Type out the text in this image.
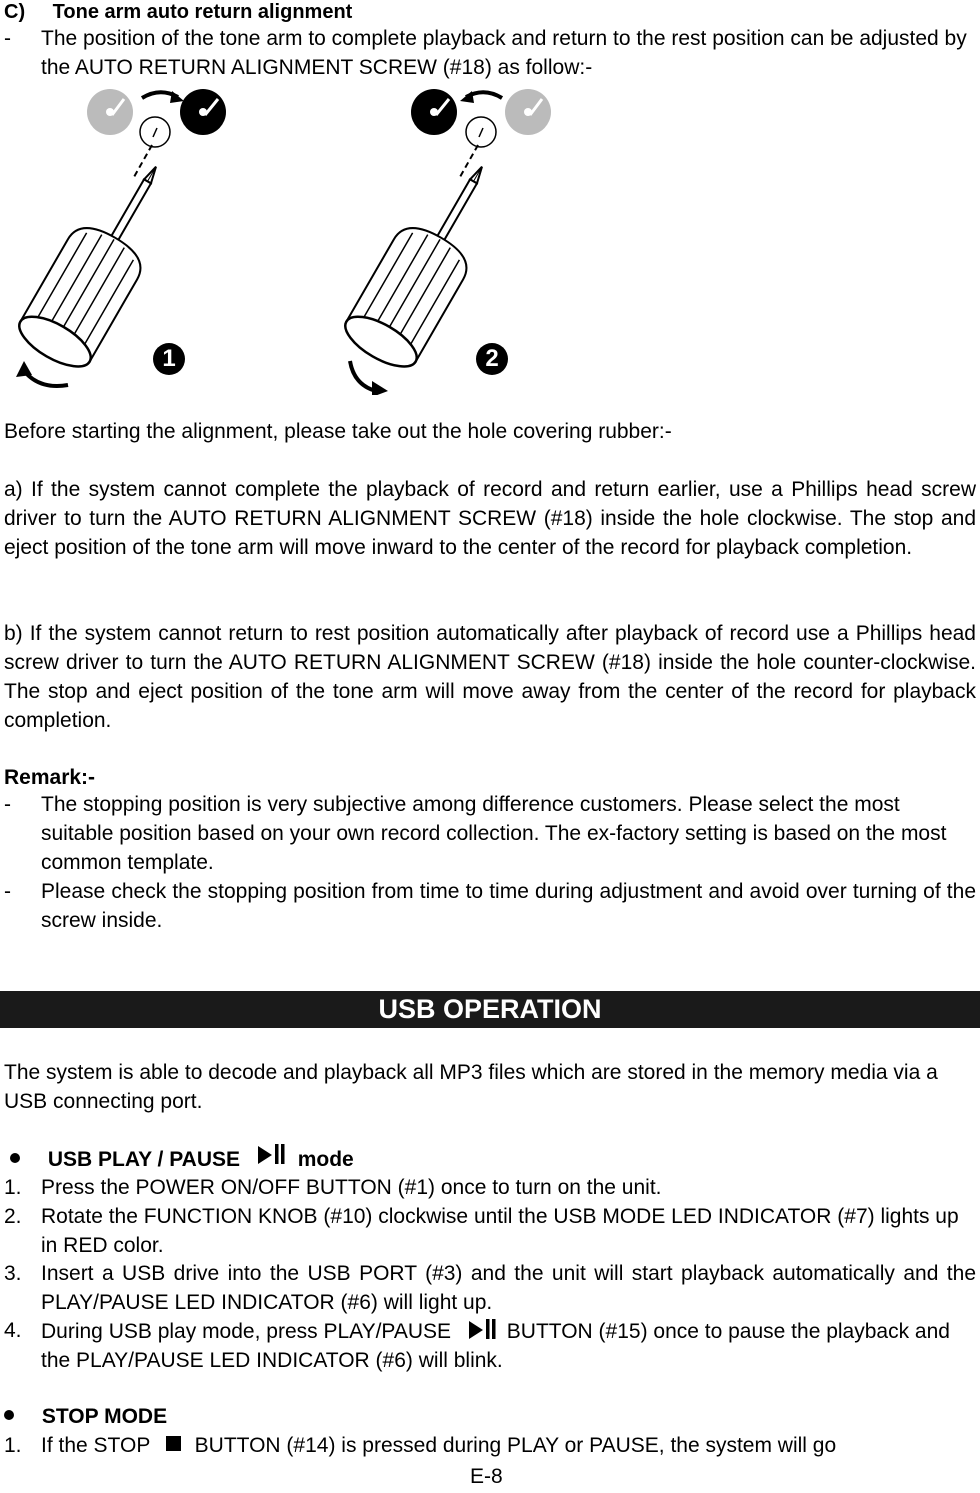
C) Tone arm auto return alignment
-	The position of the tone arm to complete playback and return to the rest position can be adjusted by the AUTO RETURN ALIGNMENT SCREW (#18) as follow:-
1	2

Before starting the alignment, please take out the hole covering rubber:-

a) If the system cannot complete the playback of record and return earlier, use a Phillips head screw driver to turn the AUTO RETURN ALIGNMENT SCREW (#18) inside the hole clockwise. The stop and eject position of the tone arm will move inward to the center of the record for playback completion.

b) If the system cannot return to rest position automatically after playback of record use a Phillips head screw driver to turn the AUTO RETURN ALIGNMENT SCREW (#18) inside the hole counter-clockwise. The stop and eject position of the tone arm will move away from the center of the record for playback completion.

Remark:-
-	The stopping position is very subjective among difference customers. Please select the most suitable position based on your own record collection. The ex-factory setting is based on the most common template.
-	Please check the stopping position from time to time during adjustment and avoid over turning of the screw inside.
USB OPERATION

The system is able to decode and playback all MP3 files which are stored in the memory media via a USB connecting port.

USB PLAY / PAUSE	mode
1. Press the POWER ON/OFF BUTTON (#1) once to turn on the unit.
2. Rotate the FUNCTION KNOB (#10) clockwise until the USB MODE LED INDICATOR (#7) lights up in RED color.
3. Insert a USB drive into the USB PORT (#3) and the unit will start playback automatically and the PLAY/PAUSE LED INDICATOR (#6) will light up.
4. During USB play mode, press PLAY/PAUSE	BUTTON (#15) once to pause the playback and the PLAY/PAUSE LED INDICATOR (#6) will blink.
STOP MODE
1. If the STOP BUTTON (#14) is pressed during PLAY or PAUSE, the system will go
E-8
